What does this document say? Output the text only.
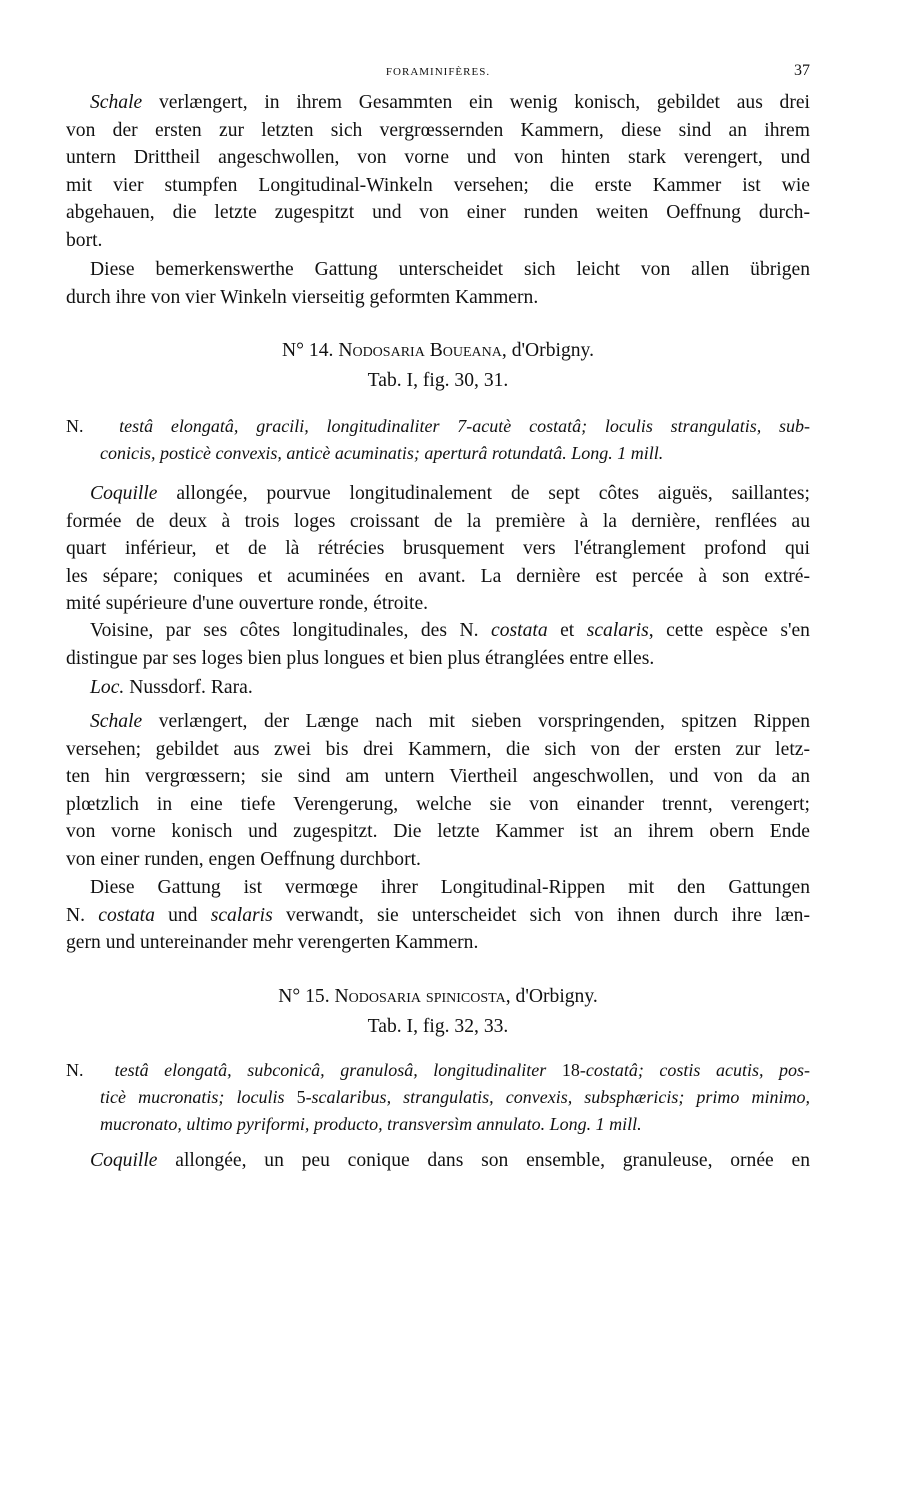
FORAMINIFÈRES.	37
Schale verlængert, in ihrem Gesammten ein wenig konisch, gebildet aus drei
von der ersten zur letzten sich vergrœssernden Kammern, diese sind an ihrem
untern Drittheil angeschwollen, von vorne und von hinten stark verengert, und
mit vier stumpfen Longitudinal-Winkeln versehen; die erste Kammer ist wie
abgehauen, die letzte zugespitzt und von einer runden weiten Oeffnung durch-
bort.
Diese bemerkenswerthe Gattung unterscheidet sich leicht von allen übrigen
durch ihre von vier Winkeln vierseitig geformten Kammern.
N° 14. Nodosaria Boueana, d'Orbigny.
Tab. I, fig. 30, 31.
N. testâ elongatâ, gracili, longitudinaliter 7-acutè costatâ; loculis strangulatis, sub-
conicis, posticè convexis, anticè acuminatis; aperturâ rotundatâ. Long. 1 mill.
Coquille allongée, pourvue longitudinalement de sept côtes aiguës, saillantes;
formée de deux à trois loges croissant de la première à la dernière, renflées au
quart inférieur, et de là rétrécies brusquement vers l'étranglement profond qui
les sépare; coniques et acuminées en avant. La dernière est percée à son extré-
mité supérieure d'une ouverture ronde, étroite.
Voisine, par ses côtes longitudinales, des N. costata et scalaris, cette espèce s'en
distingue par ses loges bien plus longues et bien plus étranglées entre elles.
Loc. Nussdorf. Rara.
Schale verlængert, der Længe nach mit sieben vorspringenden, spitzen Rippen
versehen; gebildet aus zwei bis drei Kammern, die sich von der ersten zur letz-
ten hin vergrœssern; sie sind am untern Viertheil angeschwollen, und von da an
plœtzlich in eine tiefe Verengerung, welche sie von einander trennt, verengert;
von vorne konisch und zugespitzt. Die letzte Kammer ist an ihrem obern Ende
von einer runden, engen Oeffnung durchbort.
Diese Gattung ist vermœge ihrer Longitudinal-Rippen mit den Gattungen
N. costata und scalaris verwandt, sie unterscheidet sich von ihnen durch ihre læn-
gern und untereinander mehr verengerten Kammern.
N° 15. Nodosaria spinicosta, d'Orbigny.
Tab. I, fig. 32, 33.
N. testâ elongatâ, subconicâ, granulosâ, longitudinaliter 18-costatâ; costis acutis, pos-
ticè mucronatis; loculis 5-scalaribus, strangulatis, convexis, subsphæricis; primo minimo,
mucronato, ultimo pyriformi, producto, transversìm annulato. Long. 1 mill.
Coquille allongée, un peu conique dans son ensemble, granuleuse, ornée en
